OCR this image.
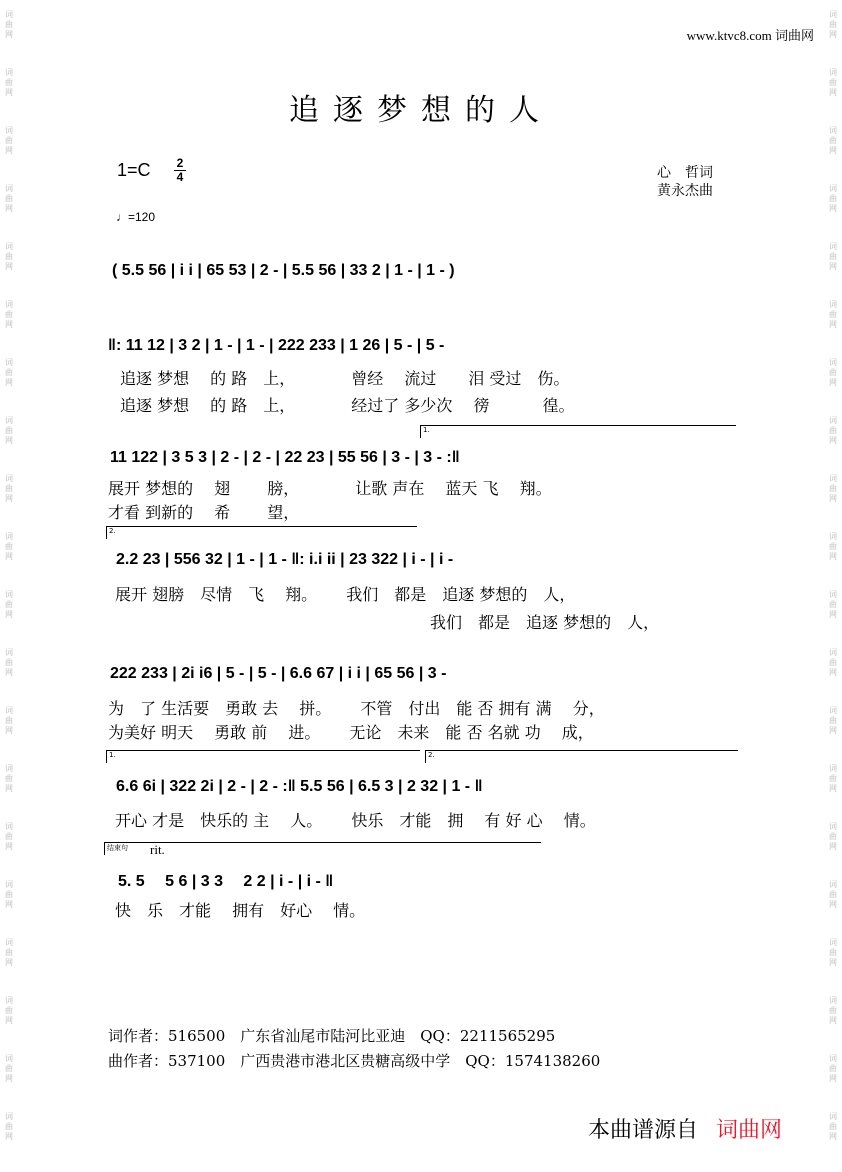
词
曲
网
词
曲
网
词
曲
网
词
曲
网
词
曲
网
词
曲
网
词
曲
网
词
曲
网
词
曲
网
词
曲
网
词
曲
网
词
曲
网
词
曲
网
词
曲
网
词
曲
网
词
曲
网
词
曲
网
词
曲
网
词
曲
网
词
曲
网
词
曲
网
词
曲
网
词
曲
网
词
曲
网
词
曲
网
词
曲
网
词
曲
网
词
曲
网
词
曲
网
词
曲
网
词
曲
网
词
曲
网
词
曲
网
词
曲
网
词
曲
网
词
曲
网
词
曲
网
词
曲
网
词
曲
网
词
曲
网
www.ktvc8.com 词曲网
追逐梦想的人
$1=C \frac{2}{4}$
♩=120
心　哲词
黄永杰曲
( 5.5 56 | i i | 65 53 | 2 - | 5.5 56 | 33 2 | 1 - | 1 - )
‖: 11 12 | 3 2 | 1 - | 1 - | 222 233 | 1 26 | 5 - | 5 -
追逐 梦想　 的 路　上，　　　　曾经　 流过　　泪 受过　伤。
追逐 梦想　 的 路　上，　　　　经过了 多少次　 徬　　　 徨。
1.
11 122 | 3 5 3 | 2 - | 2 - | 22 23 | 55 56 | 3 - | 3 - :‖
展开 梦想的　 翅　　 膀，　　　　让歌 声在　 蓝天 飞　 翔。
才看 到新的　 希　　 望，
2.
2.2 23 | 556 32 | 1 - | 1 - ‖: i.i ii | 23 322 | i - | i -
展开 翅膀　尽情　飞　 翔。　　 我们　都是　追逐 梦想的　人，
我们　都是　追逐 梦想的　人，
222 233 | 2i i6 | 5 - | 5 - | 6.6 67 | i i | 65 56 | 3 -
为　了 生活要　勇敢 去　 拼。　　 不管　付出　能 否 拥有 满　 分，
为美好 明天　 勇敢 前　 进。　　 无论　未来　能 否 名就 功　 成，
1.	2.
6.6 6i | 322 2i | 2 - | 2 - :‖ 5.5 56 | 6.5 3 | 2 32 | 1 - ‖
开心 才是　快乐的 主　 人。　　 快乐　才能　拥　 有 好 心　 情。
结束句 rit.
5. 5　 5 6 | 3 3　 2 2 | i - | i - ‖
快　乐　才能　 拥有　好心　 情。
词作者：516500　广东省汕尾市陆河比亚迪　QQ：2211565295
曲作者：537100　广西贵港市港北区贵糖高级中学　QQ：1574138260
本曲谱源自 词曲网
